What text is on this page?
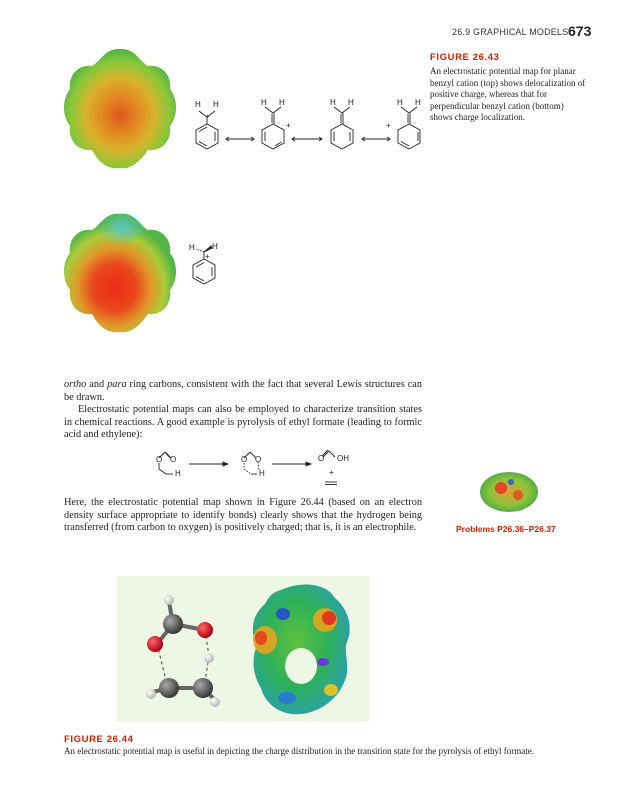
26.9 GRAPHICAL MODELS 673
H H
+
H H
+
H H
+
H H
H H
+
FIGURE 26.43
An electrostatic potential map for planar benzyl cation (top) shows delocalization of positive charge, whereas that for perpendicular benzyl cation (bottom) shows charge localization.

ortho and para ring carbons, consistent with the fact that several Lewis structures can be drawn.

Electrostatic potential maps can also be employed to characterize transition states in chemical reactions. A good example is pyrolysis of ethyl formate (leading to formic acid and ethylene):

O O
H
O O
H
O OH
+

Here, the electrostatic potential map shown in Figure 26.44 (based on an electron density surface appropriate to identify bonds) clearly shows that the hydrogen being transferred (from carbon to oxygen) is positively charged; that is, it is an electrophile.	Problems P26.36–P26.37
FIGURE 26.44
An electrostatic potential map is useful in depicting the charge distribution in the transition state for the pyrolysis of ethyl formate.
